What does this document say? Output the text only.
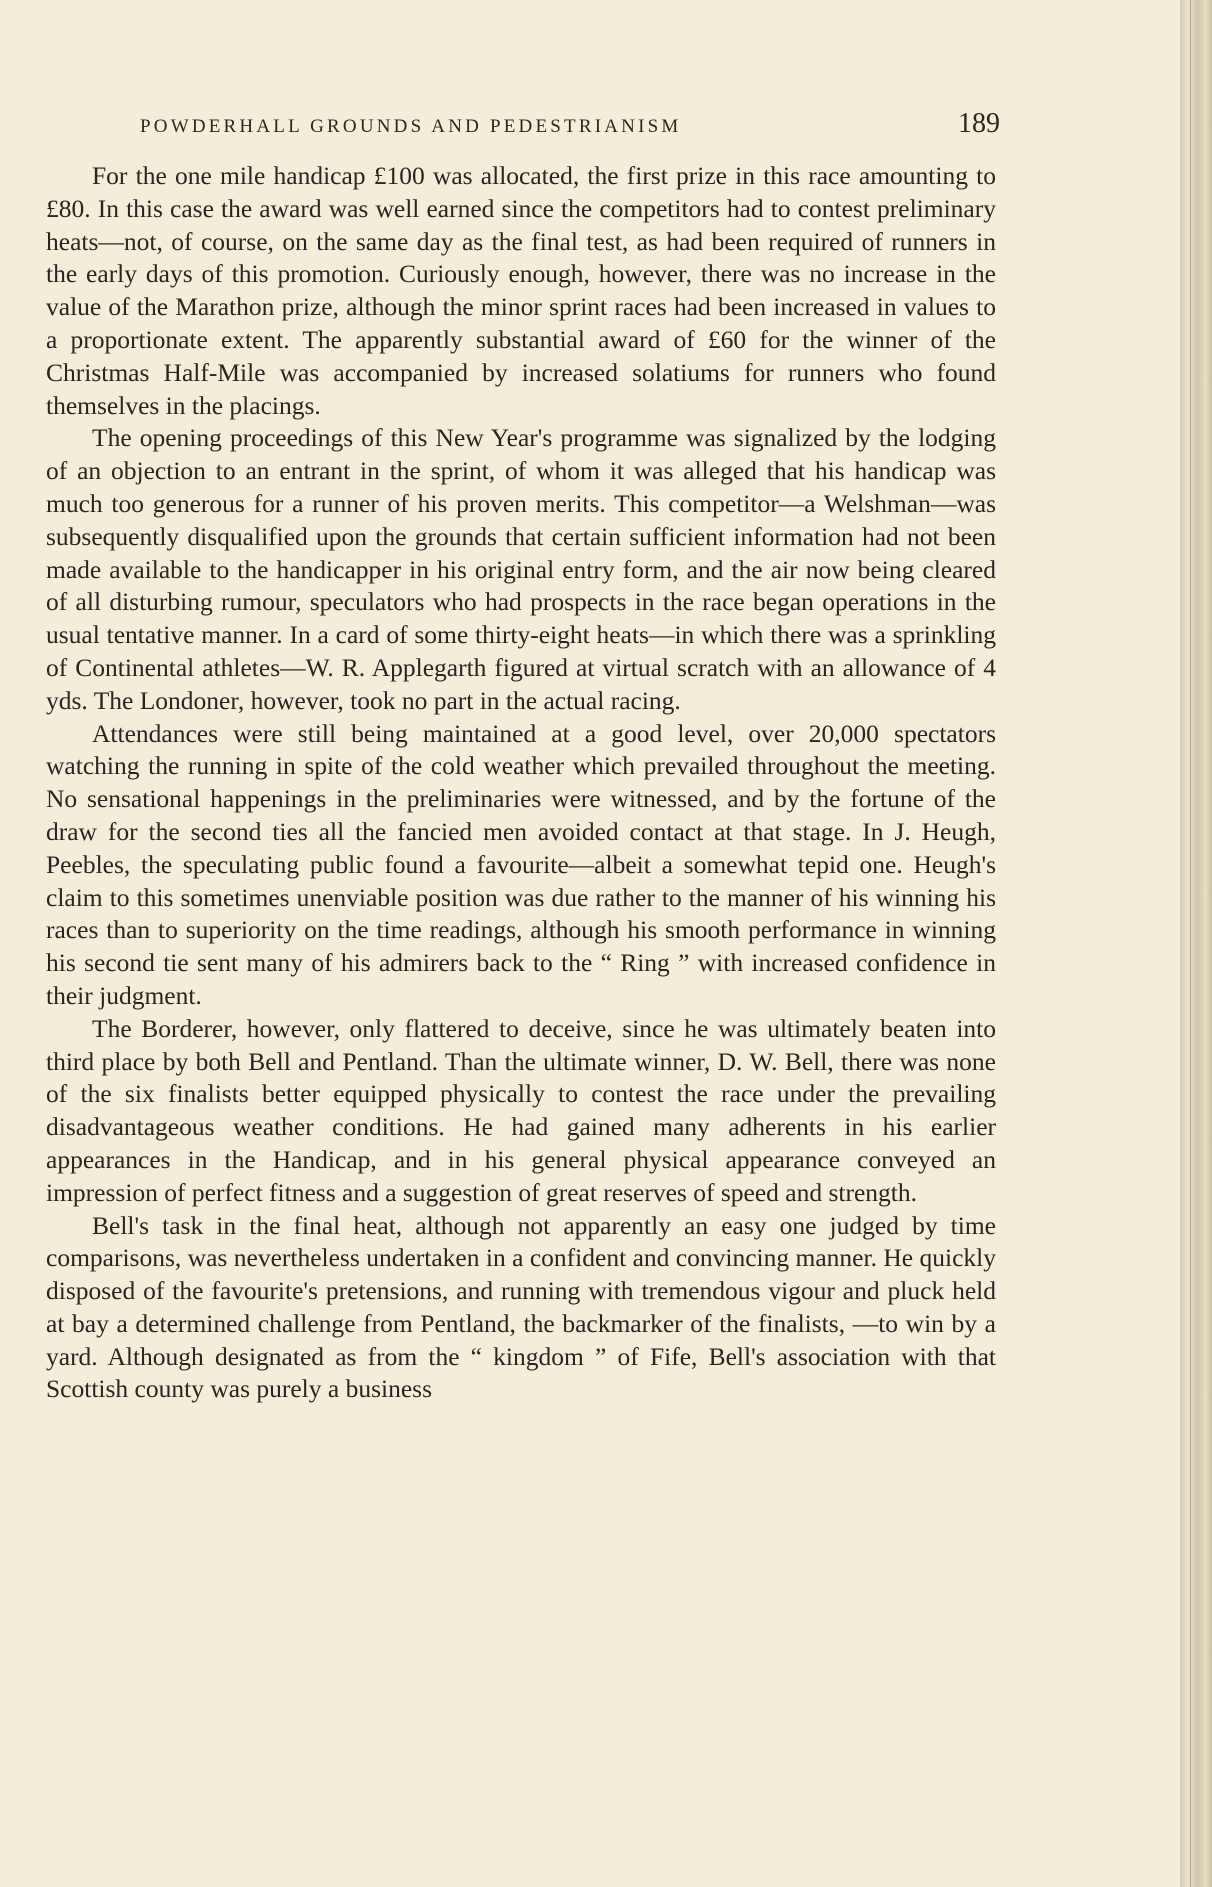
POWDERHALL GROUNDS AND PEDESTRIANISM	189

For the one mile handicap £100 was allocated, the first prize in this race amounting to £80. In this case the award was well earned since the competitors had to contest preliminary heats—not, of course, on the same day as the final test, as had been required of runners in the early days of this promotion. Curiously enough, however, there was no increase in the value of the Marathon prize, although the minor sprint races had been increased in values to a proportionate extent. The apparently substantial award of £60 for the winner of the Christmas Half-Mile was accompanied by increased solatiums for runners who found themselves in the placings.

The opening proceedings of this New Year's programme was signalized by the lodging of an objection to an entrant in the sprint, of whom it was alleged that his handicap was much too generous for a runner of his proven merits. This competitor—a Welshman—was subsequently disqualified upon the grounds that certain sufficient information had not been made available to the handicapper in his original entry form, and the air now being cleared of all disturbing rumour, speculators who had prospects in the race began operations in the usual tentative manner. In a card of some thirty-eight heats—in which there was a sprinkling of Continental athletes—W. R. Applegarth figured at virtual scratch with an allowance of 4 yds. The Londoner, however, took no part in the actual racing.

Attendances were still being maintained at a good level, over 20,000 spectators watching the running in spite of the cold weather which prevailed throughout the meeting. No sensational happenings in the preliminaries were witnessed, and by the fortune of the draw for the second ties all the fancied men avoided contact at that stage. In J. Heugh, Peebles, the speculating public found a favourite—albeit a somewhat tepid one. Heugh's claim to this sometimes unenviable position was due rather to the manner of his winning his races than to superiority on the time readings, although his smooth performance in winning his second tie sent many of his admirers back to the “ Ring ” with increased confidence in their judgment.

The Borderer, however, only flattered to deceive, since he was ultimately beaten into third place by both Bell and Pentland. Than the ultimate winner, D. W. Bell, there was none of the six finalists better equipped physically to contest the race under the prevailing disadvantageous weather conditions. He had gained many adherents in his earlier appearances in the Handicap, and in his general physical appearance conveyed an impression of perfect fitness and a suggestion of great reserves of speed and strength.

Bell's task in the final heat, although not apparently an easy one judged by time comparisons, was nevertheless undertaken in a confident and convincing manner. He quickly disposed of the favourite's pretensions, and running with tremendous vigour and pluck held at bay a determined challenge from Pentland, the backmarker of the finalists, —to win by a yard. Although designated as from the “ kingdom ” of Fife, Bell's association with that Scottish county was purely a business
